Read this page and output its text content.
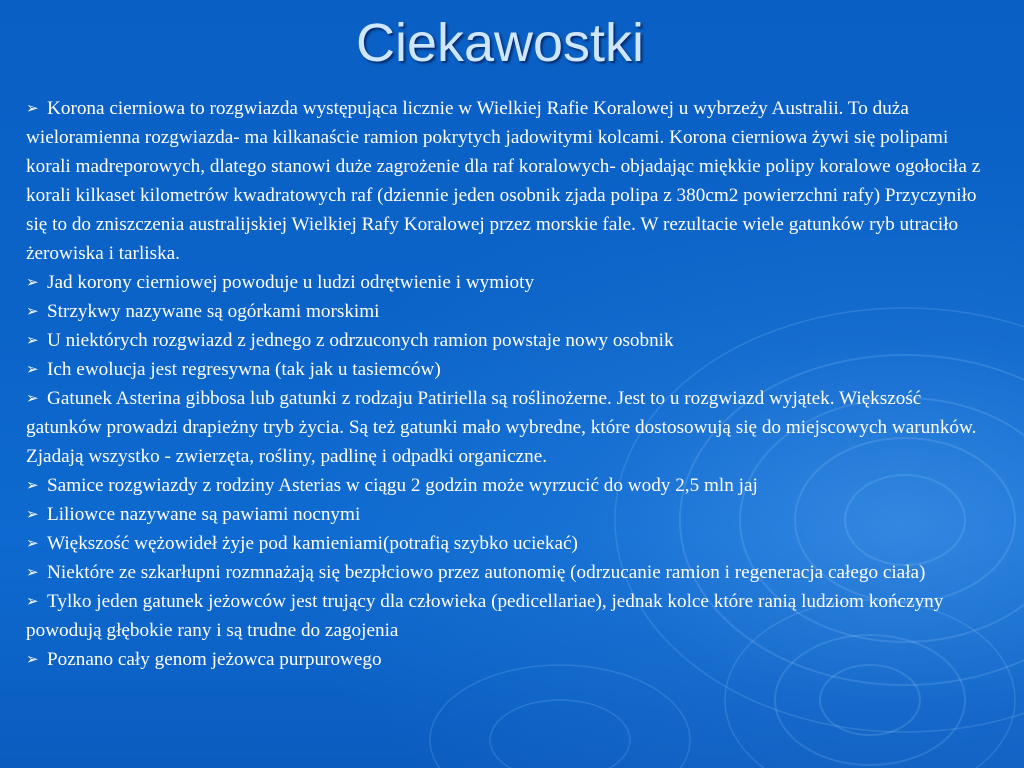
Ciekawostki
➢ Korona cierniowa to rozgwiazda występująca licznie w Wielkiej Rafie Koralowej u wybrzeży Australii. To duża wieloramienna rozgwiazda- ma kilkanaście ramion pokrytych jadowitymi kolcami. Korona cierniowa żywi się polipami korali madreporowych, dlatego stanowi duże zagrożenie dla raf koralowych- objadając miękkie polipy koralowe ogołociła z korali kilkaset kilometrów kwadratowych raf (dziennie jeden osobnik zjada polipa z 380cm2 powierzchni rafy) Przyczyniło się to do zniszczenia australijskiej Wielkiej Rafy Koralowej przez morskie fale. W rezultacie wiele gatunków ryb utraciło żerowiska i tarliska.
➢ Jad korony cierniowej powoduje u ludzi odrętwienie i wymioty
➢ Strzykwy nazywane są ogórkami morskimi
➢ U niektórych rozgwiazd z jednego z odrzuconych ramion powstaje nowy osobnik
➢ Ich ewolucja jest regresywna (tak jak u tasiemców)
➢ Gatunek Asterina gibbosa lub gatunki z rodzaju Patiriella są roślinożerne. Jest to u rozgwiazd wyjątek. Większość gatunków prowadzi drapieżny tryb życia. Są też gatunki mało wybredne, które dostosowują się do miejscowych warunków. Zjadają wszystko - zwierzęta, rośliny, padlinę i odpadki organiczne.
➢ Samice rozgwiazdy z rodziny Asterias w ciągu 2 godzin może wyrzucić do wody 2,5 mln jaj
➢ Liliowce nazywane są pawiami nocnymi
➢ Większość wężowideł żyje pod kamieniami(potrafią szybko uciekać)
➢ Niektóre ze szkarłupni rozmnażają się bezpłciowo przez autonomię (odrzucanie ramion i regeneracja całego ciała)
➢ Tylko jeden gatunek jeżowców jest trujący dla człowieka (pedicellariae), jednak kolce które ranią ludziom kończyny powodują głębokie rany i są trudne do zagojenia
➢ Poznano cały genom jeżowca purpurowego
